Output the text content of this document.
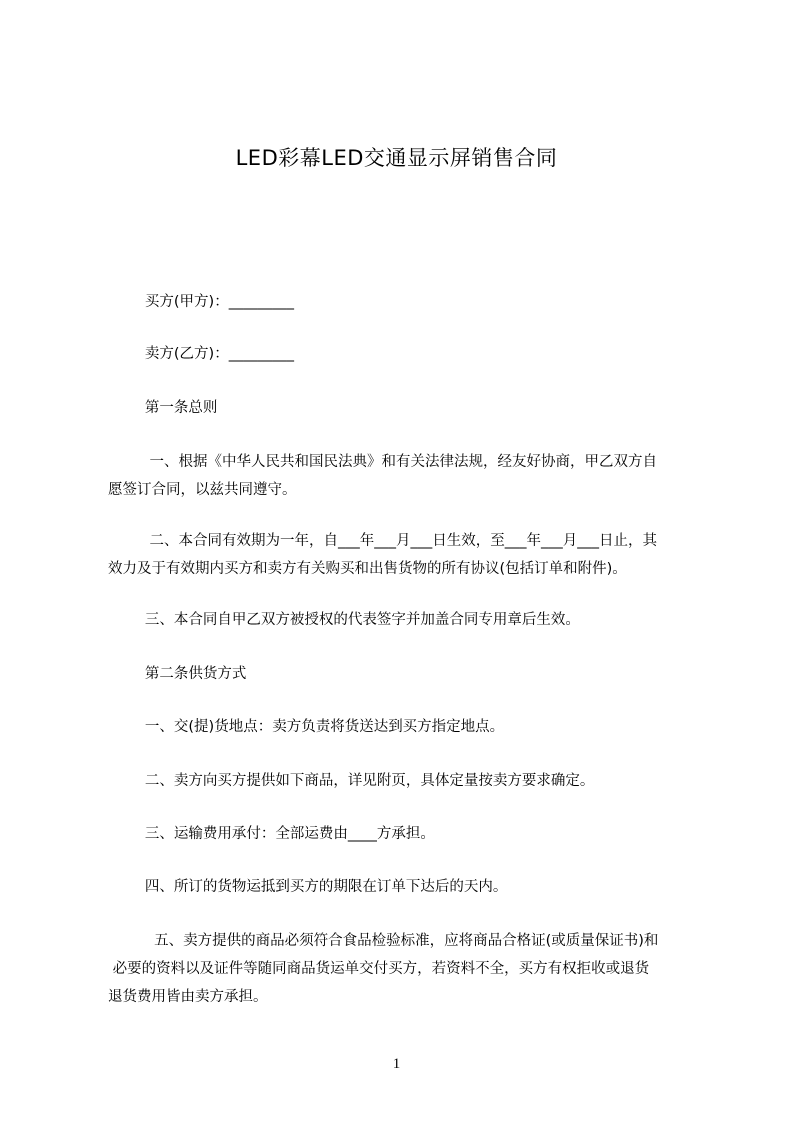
LED彩幕LED交通显示屏销售合同
买方(甲方)：_________
卖方(乙方)：_________
第一条总则
一、根据《中华人民共和国民法典》和有关法律法规，经友好协商，甲乙双方自
愿签订合同，以兹共同遵守。
二、本合同有效期为一年，自___年___月___日生效，至___年___月___日止，其
效力及于有效期内买方和卖方有关购买和出售货物的所有协议(包括订单和附件)。
三、本合同自甲乙双方被授权的代表签字并加盖合同专用章后生效。
第二条供货方式
一、交(提)货地点：卖方负责将货送达到买方指定地点。
二、卖方向买方提供如下商品，详见附页，具体定量按卖方要求确定。
三、运输费用承付：全部运费由____方承担。
四、所订的货物运抵到买方的期限在订单下达后的天内。
五、卖方提供的商品必须符合食品检验标准，应将商品合格证(或质量保证书)和
必要的资料以及证件等随同商品货运单交付买方，若资料不全，买方有权拒收或退货
退货费用皆由卖方承担。
1
